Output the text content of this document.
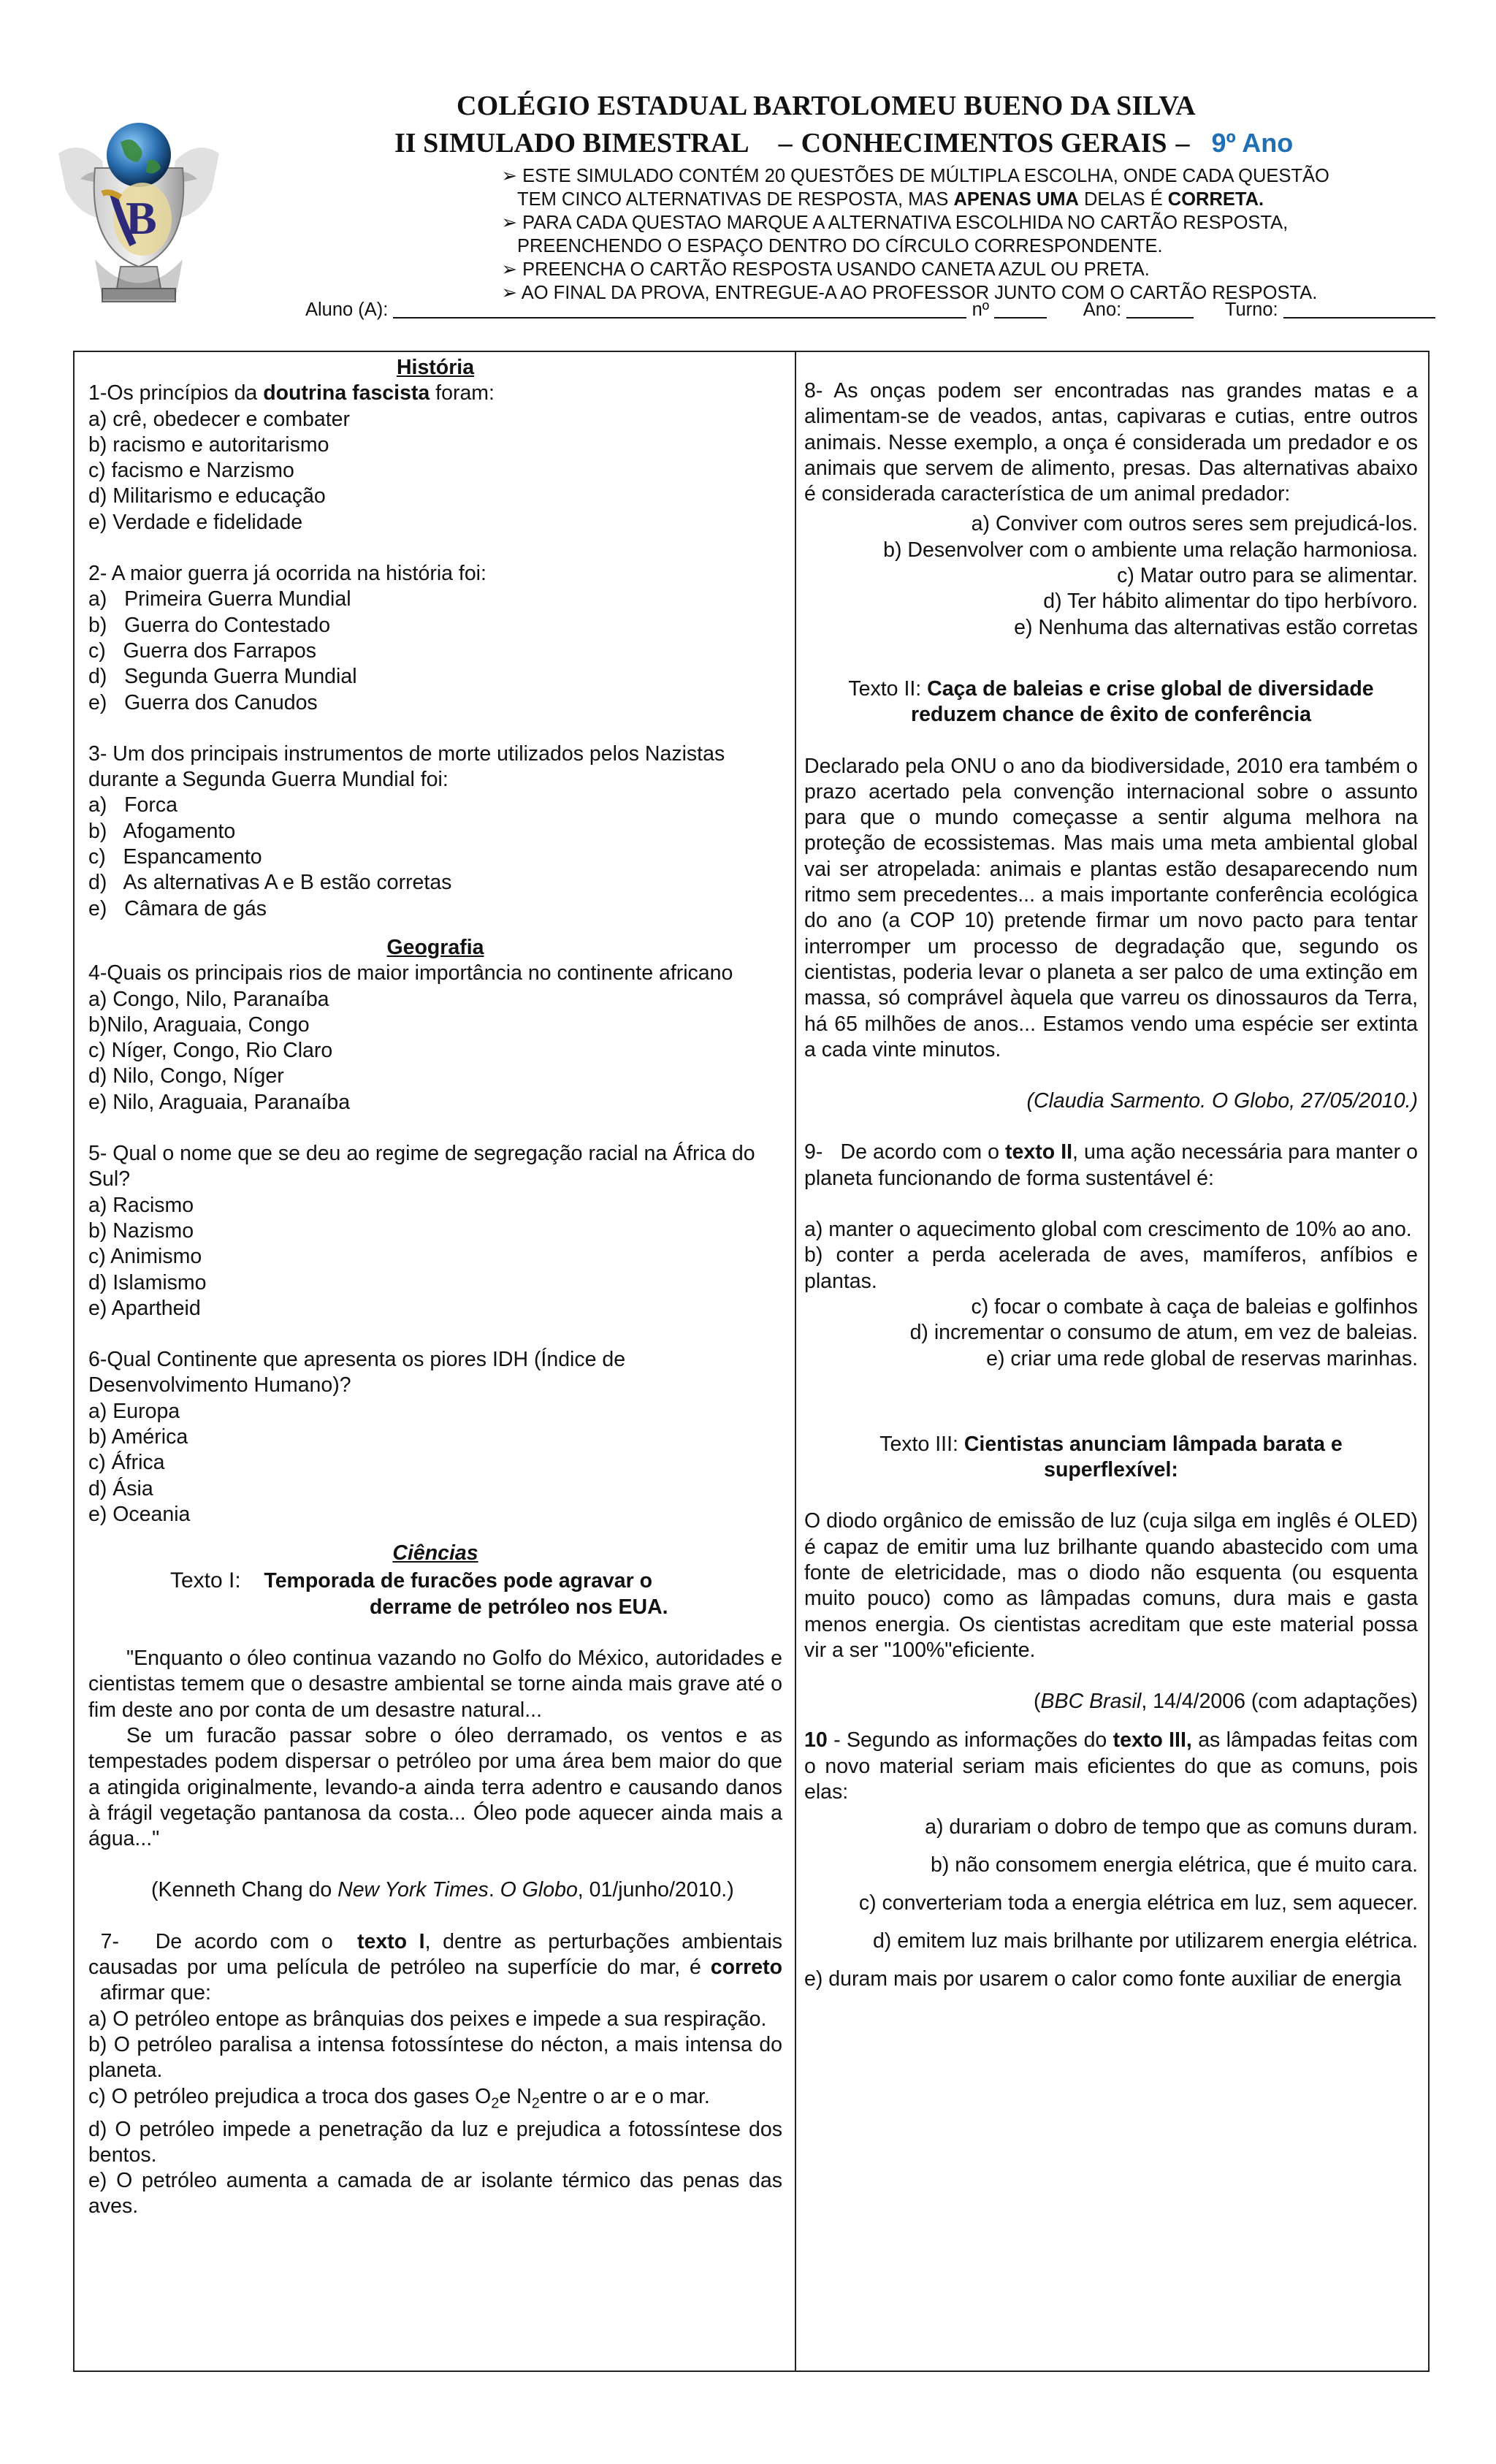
B
COLÉGIO ESTADUAL BARTOLOMEU BUENO DA SILVA
II SIMULADO BIMESTRAL – CONHECIMENTOS GERAIS – 9º Ano
➢ ESTE SIMULADO CONTÉM 20 QUESTÕES DE MÚLTIPLA ESCOLHA, ONDE CADA QUESTÃO
TEM CINCO ALTERNATIVAS DE RESPOSTA, MAS APENAS UMA DELAS É CORRETA.
➢ PARA CADA QUESTAO MARQUE A ALTERNATIVA ESCOLHIDA NO CARTÃO RESPOSTA,
PREENCHENDO O ESPAÇO DENTRO DO CÍRCULO CORRESPONDENTE.
➢ PREENCHA O CARTÃO RESPOSTA USANDO CANETA AZUL OU PRETA.
➢ AO FINAL DA PROVA, ENTREGUE-A AO PROFESSOR JUNTO COM O CARTÃO RESPOSTA.
Aluno (A):	nº	Ano:	Turno:
História

1-Os princípios da doutrina fascista foram:

a) crê, obedecer e combater

b) racismo e autoritarismo

c) facismo e Narzismo

d) Militarismo e educação

e) Verdade e fidelidade

2- A maior guerra já ocorrida na história foi:

a)   Primeira Guerra Mundial

b)   Guerra do Contestado

c)   Guerra dos Farrapos

d)   Segunda Guerra Mundial

e)   Guerra dos Canudos

3- Um dos principais instrumentos de morte utilizados pelos Nazistas durante a Segunda Guerra Mundial foi:

a)   Forca

b)   Afogamento

c)   Espancamento

d)   As alternativas A e B estão corretas

e)   Câmara de gás

Geografia

4-Quais os principais rios de maior importância no continente africano

a) Congo, Nilo, Paranaíba

b)Nilo, Araguaia, Congo

c) Níger, Congo, Rio Claro

d) Nilo, Congo, Níger

e) Nilo, Araguaia, Paranaíba

5- Qual o nome que se deu ao regime de segregação racial na África do Sul?

a) Racismo

b) Nazismo

c) Animismo

d) Islamismo

e) Apartheid

6-Qual Continente que apresenta os piores IDH (Índice de Desenvolvimento Humano)?

a) Europa

b) América

c) África

d) Ásia

e) Oceania

Ciências
Texto I: Temporada de furacões pode agravar o
derrame de petróleo nos EUA.

"Enquanto o óleo continua vazando no Golfo do México, autoridades e cientistas temem que o desastre ambiental se torne ainda mais grave até o fim deste ano por conta de um desastre natural...

Se um furacão passar sobre o óleo derramado, os ventos e as tempestades podem dispersar o petróleo por uma área bem maior do que a atingida originalmente, levando-a ainda terra adentro e causando danos à frágil vegetação pantanosa da costa... Óleo pode aquecer ainda mais a água..."

(Kenneth Chang do New York Times. O Globo, 01/junho/2010.)

7-   De acordo com o  texto I, dentre as perturbações ambientais causadas por uma película de petróleo na superfície do mar, é correto  afirmar que:

a) O petróleo entope as brânquias dos peixes e impede a sua respiração.

b) O petróleo paralisa a intensa fotossíntese do nécton, a mais intensa do planeta.

c) O petróleo prejudica a troca dos gases $O_2e$ $N_2entre$ o ar e o mar.

d) O petróleo impede a penetração da luz e prejudica a fotossíntese dos bentos.

e) O petróleo aumenta a camada de ar isolante térmico das penas das aves.

8- As onças podem ser encontradas nas grandes matas e a alimentam-se de veados, antas, capivaras e cutias, entre outros animais. Nesse exemplo, a onça é considerada um predador e os animais que servem de alimento, presas. Das alternativas abaixo é considerada característica de um animal predador:

a) Conviver com outros seres sem prejudicá-los.

b) Desenvolver com o ambiente uma relação harmoniosa.

c) Matar outro para se alimentar.

d) Ter hábito alimentar do tipo herbívoro.

e) Nenhuma das alternativas estão corretas

Texto II: Caça de baleias e crise global de diversidade reduzem chance de êxito de conferência

Declarado pela ONU o ano da biodiversidade, 2010 era também o prazo acertado pela convenção internacional sobre o assunto para que o mundo começasse a sentir alguma melhora na proteção de ecossistemas. Mas mais uma meta ambiental global vai ser atropelada: animais e plantas estão desaparecendo num ritmo sem precedentes... a mais importante conferência ecológica do ano (a COP 10) pretende firmar um novo pacto para tentar interromper um processo de degradação que, segundo os cientistas, poderia levar o planeta a ser palco de uma extinção em massa, só comprável àquela que varreu os dinossauros da Terra, há 65 milhões de anos... Estamos vendo uma espécie ser extinta a cada vinte minutos.

(Claudia Sarmento. O Globo, 27/05/2010.)

9-   De acordo com o texto II, uma ação necessária para manter o planeta funcionando de forma sustentável é:

a) manter o aquecimento global com crescimento de 10% ao ano.

b) conter a perda acelerada de aves, mamíferos, anfíbios e plantas.

c) focar o combate à caça de baleias e golfinhos

d) incrementar o consumo de atum, em vez de baleias.

e) criar uma rede global de reservas marinhas.

Texto III: Cientistas anunciam lâmpada barata e superflexível:

O diodo orgânico de emissão de luz (cuja silga em inglês é OLED) é capaz de emitir uma luz brilhante quando abastecido com uma fonte de eletricidade, mas o diodo não esquenta (ou esquenta muito pouco) como as lâmpadas comuns, dura mais e gasta menos energia. Os cientistas acreditam que este material possa vir a ser "100%"eficiente.

(BBC Brasil, 14/4/2006 (com adaptações)

10 - Segundo as informações do texto III, as lâmpadas feitas com o novo material seriam mais eficientes do que as comuns, pois elas:

a) durariam o dobro de tempo que as comuns duram.

b) não consomem energia elétrica, que é muito cara.

c) converteriam toda a energia elétrica em luz, sem aquecer.

d) emitem luz mais brilhante por utilizarem energia elétrica.

e) duram mais por usarem o calor como fonte auxiliar de energia
